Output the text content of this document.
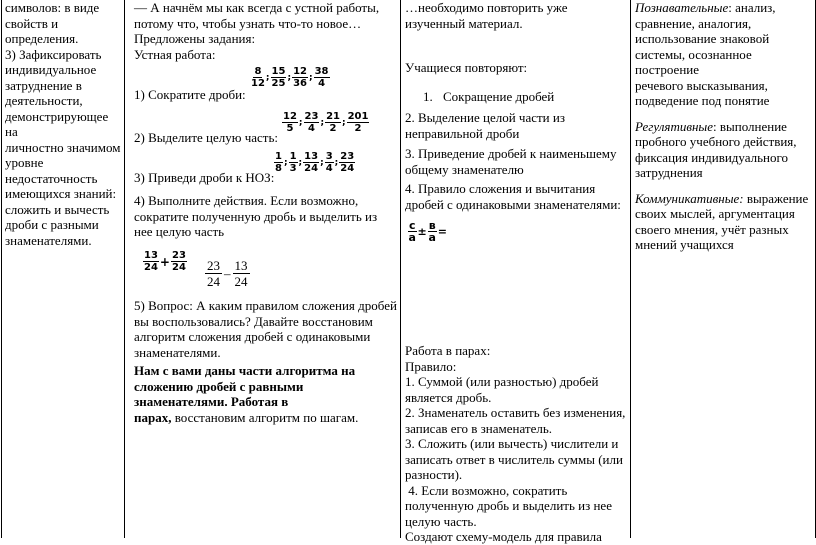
символов: в виде

свойств и

определения.

3) Зафиксировать

индивидуальное

затруднение в

деятельности,

демонстрирующее на

личностно значимом

уровне

недостаточность

имеющихся знаний:

сложить и вычесть

дроби с разными

знаменателями.

— А начнём мы как всегда с устной работы,

потому что, чтобы узнать что-то новое…

Предложены задания:

Устная работа:

1) Сократите дроби:
$\frac{8}{12}$ ; $\frac{15}{25}$ ; $\frac{12}{36}$ ; $\frac{38}{4}$
2) Выделите целую часть:
$\frac{12}{5}$ ; $\frac{23}{4}$ ; $\frac{21}{2}$ ; $\frac{201}{2}$
3) Приведи дроби к НОЗ:
$\frac{1}{8}$ ; $\frac{1}{3}$ ; $\frac{13}{24}$ ; $\frac{3}{4}$ ; $\frac{23}{24}$

4) Выполните действия. Если возможно,

сократите полученную дробь и выделить из

нее целую часть

$\frac{13}{24} + \frac{23}{24} \frac{23}{24} - \frac{13}{24}$

5) Вопрос: А каким правилом сложения дробей

вы воспользовались? Давайте восстановим

алгоритм сложения дробей с одинаковыми

знаменателями.

Нам с вами даны части алгоритма на

сложению дробей с равными

знаменателями. Работая в

парах, восстановим алгоритм по шагам.

…необходимо повторить уже

изученный материал.

Учащиеся повторяют:
1. Сокращение дробей

2. Выделение целой части из

неправильной дроби

3. Приведение дробей к наименьшему

общему знаменателю

4. Правило сложения и вычитания

дробей с одинаковыми знаменателями:

$\frac{c}{a} \pm \frac{в}{a}$ =

Работа в парах:

Правило:

1. Суммой (или разностью) дробей

является дробь.

2. Знаменатель оставить без изменения,

записав его в знаменатель.

3. Сложить (или вычесть) числители и

записать ответ в числитель суммы (или

разности).

4. Если возможно, сократить

полученную дробь и выделить из нее

целую часть.

Создают схему-модель для правила

Познавательные: анализ,

сравнение, аналогия,

использование знаковой

системы, осознанное построение

речевого высказывания,

подведение под понятие

Регулятивные: выполнение

пробного учебного действия,

фиксация индивидуального

затруднения

Коммуникативные: выражение

своих мыслей, аргументация

своего мнения, учёт разных

мнений учащихся
